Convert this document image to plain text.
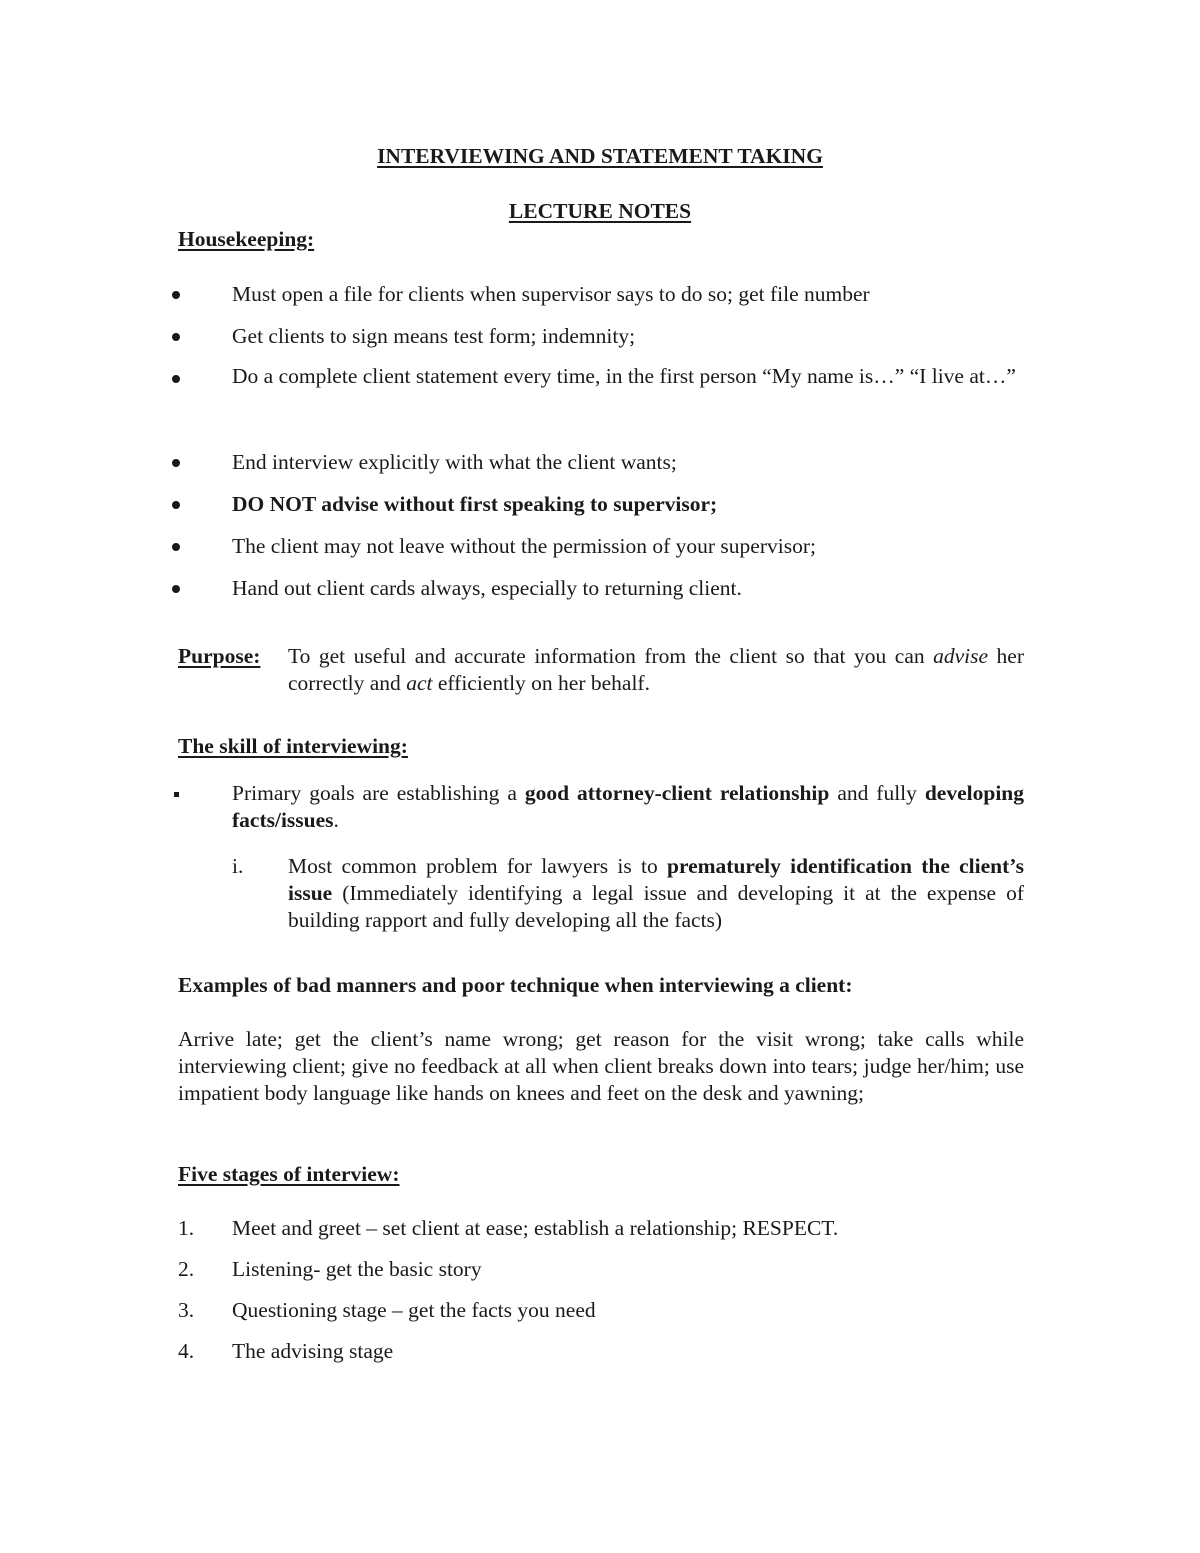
INTERVIEWING AND STATEMENT TAKING

LECTURE NOTES

Housekeeping:

Must open a file for clients when supervisor says to do so; get file number
Get clients to sign means test form; indemnity;
Do a complete client statement every time, in the first person “My name is…” “I live at…”
End interview explicitly with what the client wants;
DO NOT advise without first speaking to supervisor;
The client may not leave without the permission of your supervisor;
Hand out client cards always, especially to returning client.

Purpose: To get useful and accurate information from the client so that you can advise her correctly and act efficiently on her behalf.

The skill of interviewing:

Primary goals are establishing a good attorney-client relationship and fully developing facts/issues.

i. Most common problem for lawyers is to prematurely identification the client’s issue (Immediately identifying a legal issue and developing it at the expense of building rapport and fully developing all the facts)

Examples of bad manners and poor technique when interviewing a client:

Arrive late; get the client’s name wrong; get reason for the visit wrong; take calls while interviewing client; give no feedback at all when client breaks down into tears; judge her/him; use impatient body language like hands on knees and feet on the desk and yawning;

Five stages of interview:

1. Meet and greet – set client at ease; establish a relationship; RESPECT.
2. Listening- get the basic story
3. Questioning stage – get the facts you need
4. The advising stage
